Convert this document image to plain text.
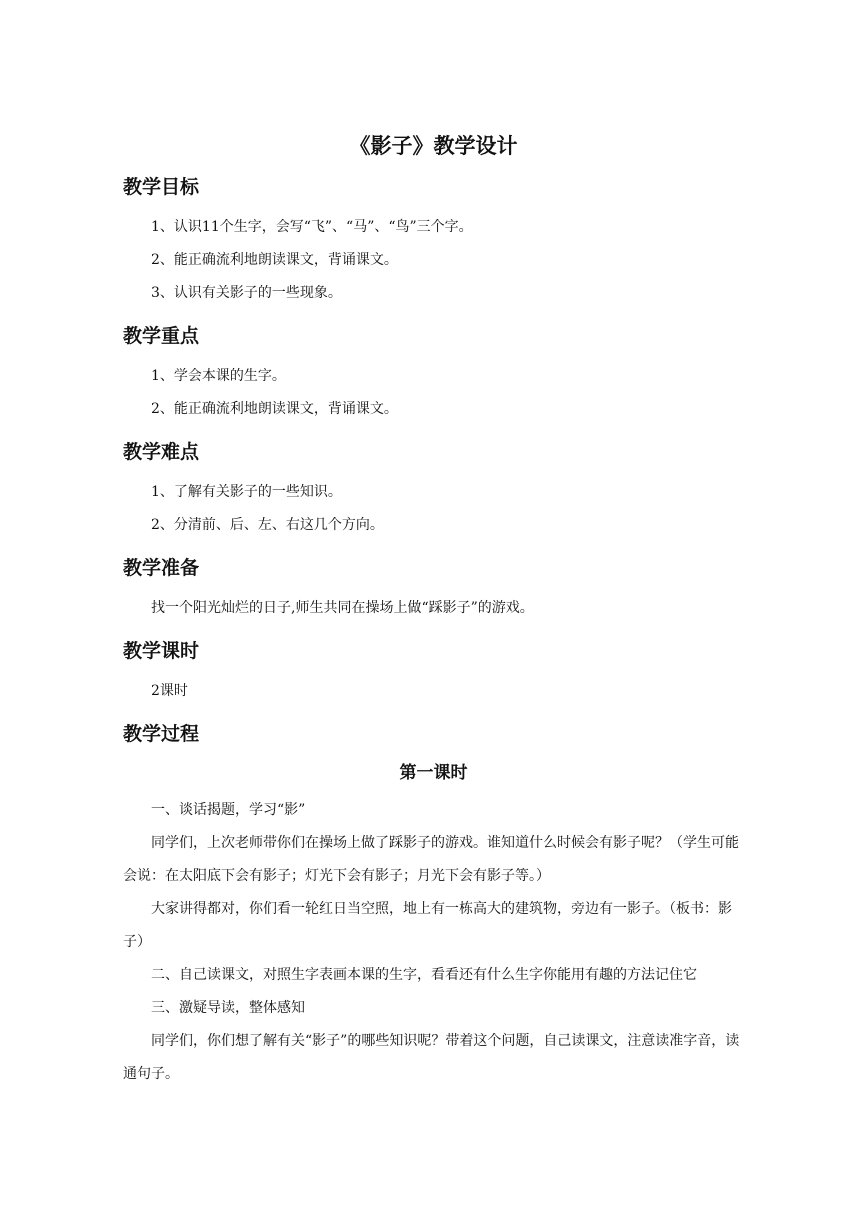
《影子》教学设计
教学目标

1、认识11个生字，会写“飞”、“马”、“鸟”三个字。

2、能正确流利地朗读课文，背诵课文。

3、认识有关影子的一些现象。

教学重点

1、学会本课的生字。

2、能正确流利地朗读课文，背诵课文。

教学难点

1、了解有关影子的一些知识。

2、分清前、后、左、右这几个方向。

教学准备

找一个阳光灿烂的日子,师生共同在操场上做“踩影子”的游戏。

教学课时

2课时

教学过程
第一课时

一、谈话揭题，学习“影”

同学们，上次老师带你们在操场上做了踩影子的游戏。谁知道什么时候会有影子呢？（学生可能会说：在太阳底下会有影子；灯光下会有影子；月光下会有影子等。）

大家讲得都对，你们看一轮红日当空照，地上有一栋高大的建筑物，旁边有一影子。（板书：影子）

二、自己读课文，对照生字表画本课的生字，看看还有什么生字你能用有趣的方法记住它

三、激疑导读，整体感知

同学们，你们想了解有关“影子”的哪些知识呢？带着这个问题，自己读课文，注意读准字音，读通句子。
